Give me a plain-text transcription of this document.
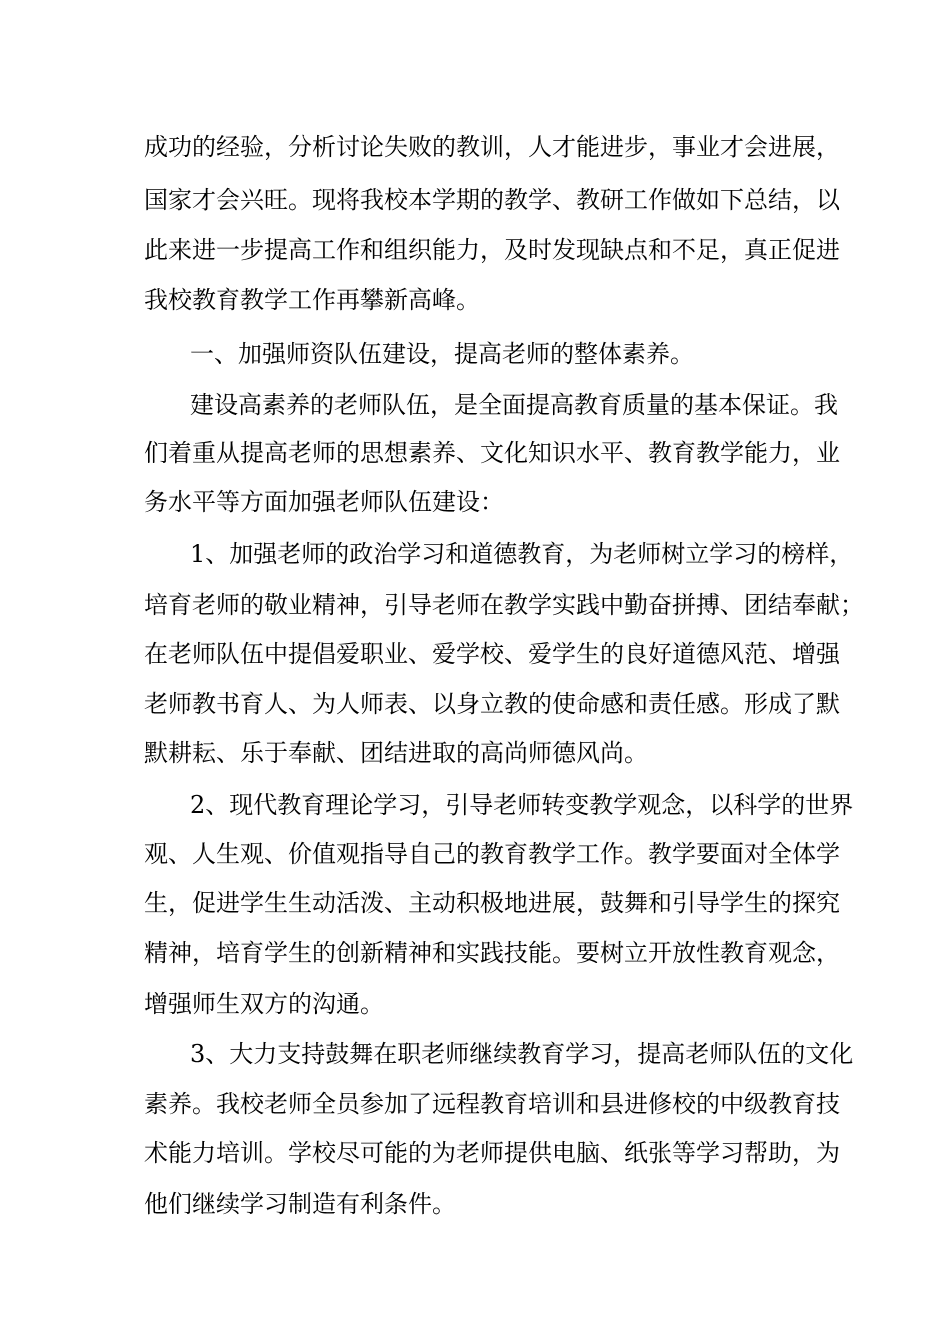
成功的经验，分析讨论失败的教训，人才能进步，事业才会进展，

国家才会兴旺。现将我校本学期的教学、教研工作做如下总结，以

此来进一步提高工作和组织能力，及时发现缺点和不足，真正促进

我校教育教学工作再攀新高峰。

一、加强师资队伍建设，提高老师的整体素养。

建设高素养的老师队伍，是全面提高教育质量的基本保证。我

们着重从提高老师的思想素养、文化知识水平、教育教学能力，业

务水平等方面加强老师队伍建设：

1、加强老师的政治学习和道德教育，为老师树立学习的榜样，

培育老师的敬业精神，引导老师在教学实践中勤奋拼搏、团结奉献；

在老师队伍中提倡爱职业、爱学校、爱学生的良好道德风范、增强

老师教书育人、为人师表、以身立教的使命感和责任感。形成了默

默耕耘、乐于奉献、团结进取的高尚师德风尚。

2、现代教育理论学习，引导老师转变教学观念，以科学的世界

观、人生观、价值观指导自己的教育教学工作。教学要面对全体学

生，促进学生生动活泼、主动积极地进展，鼓舞和引导学生的探究

精神，培育学生的创新精神和实践技能。要树立开放性教育观念，

增强师生双方的沟通。

3、大力支持鼓舞在职老师继续教育学习，提高老师队伍的文化

素养。我校老师全员参加了远程教育培训和县进修校的中级教育技

术能力培训。学校尽可能的为老师提供电脑、纸张等学习帮助，为

他们继续学习制造有利条件。
